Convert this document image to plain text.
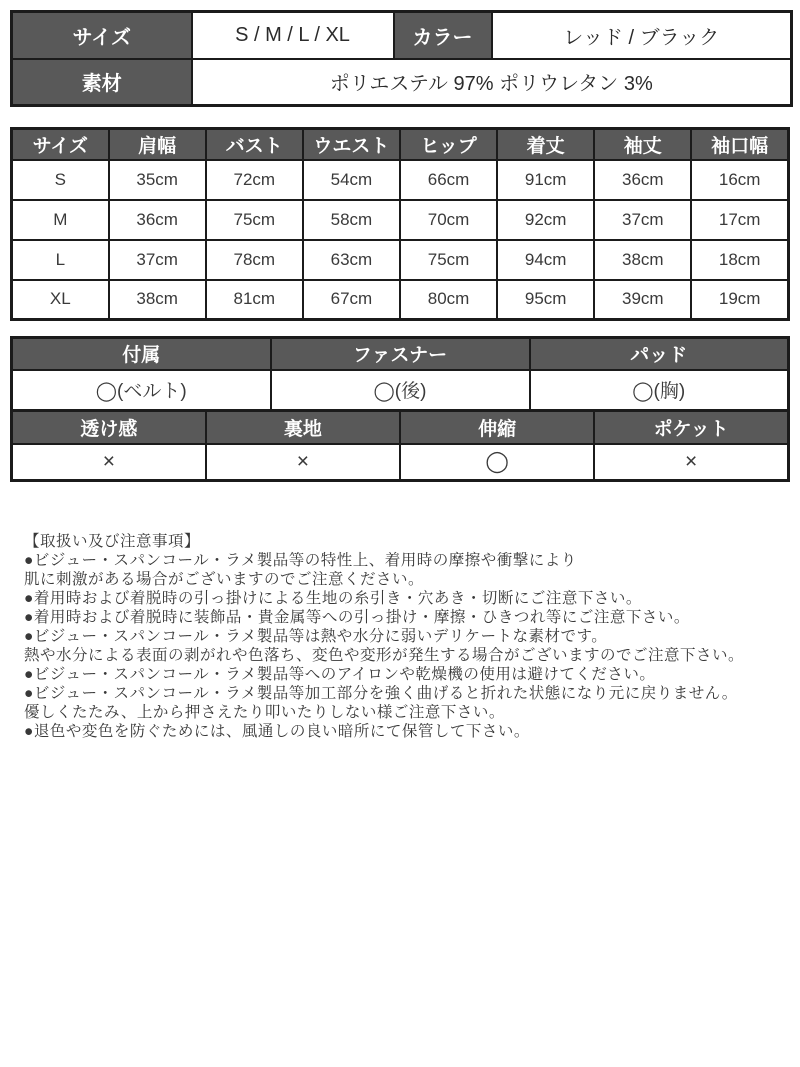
サイズ	S / M / L / XL	カラー	レッド / ブラック
素材	ポリエステル 97% ポリウレタン 3%		
サイズ	肩幅	バスト	ウエスト	ヒップ	着丈	袖丈	袖口幅
S	35cm	72cm	54cm	66cm	91cm	36cm	16cm
M	36cm	75cm	58cm	70cm	92cm	37cm	17cm
L	37cm	78cm	63cm	75cm	94cm	38cm	18cm
XL	38cm	81cm	67cm	80cm	95cm	39cm	19cm
付属	ファスナー	パッド
◯(ベルト)	◯(後)	◯(胸)
透け感	裏地	伸縮	ポケット
×	×	◯	×
【取扱い及び注意事項】
●ビジュー・スパンコール・ラメ製品等の特性上、着用時の摩擦や衝撃により
肌に刺激がある場合がございますのでご注意ください。
●着用時および着脱時の引っ掛けによる生地の糸引き・穴あき・切断にご注意下さい。
●着用時および着脱時に装飾品・貴金属等への引っ掛け・摩擦・ひきつれ等にご注意下さい。
●ビジュー・スパンコール・ラメ製品等は熱や水分に弱いデリケートな素材です。
熱や水分による表面の剥がれや色落ち、変色や変形が発生する場合がございますのでご注意下さい。
●ビジュー・スパンコール・ラメ製品等へのアイロンや乾燥機の使用は避けてください。
●ビジュー・スパンコール・ラメ製品等加工部分を強く曲げると折れた状態になり元に戻りません。
優しくたたみ、上から押さえたり叩いたりしない様ご注意下さい。
●退色や変色を防ぐためには、風通しの良い暗所にて保管して下さい。
